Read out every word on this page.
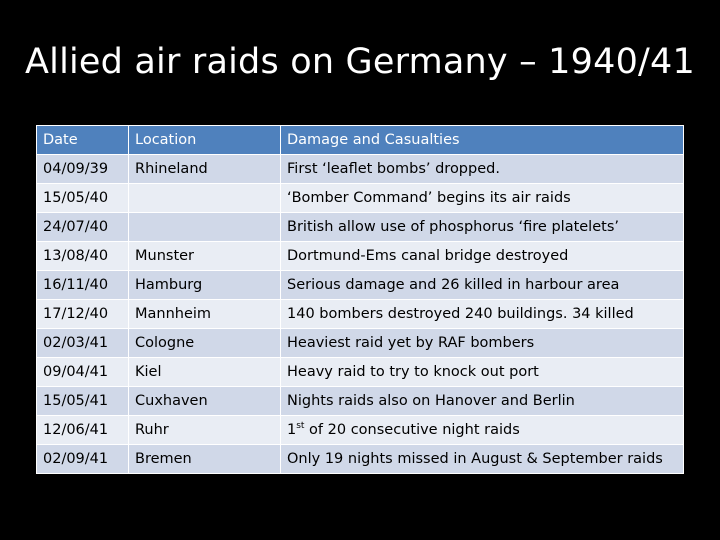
Allied air raids on Germany – 1940/41
Date	Location	Damage and Casualties
04/09/39	Rhineland	First ‘leaflet bombs’ dropped.
15/05/40		‘Bomber Command’ begins its air raids
24/07/40		British allow use of phosphorus ‘fire platelets’
13/08/40	Munster	Dortmund-Ems canal bridge destroyed
16/11/40	Hamburg	Serious damage and 26 killed in harbour area
17/12/40	Mannheim	140 bombers destroyed 240 buildings. 34 killed
02/03/41	Cologne	Heaviest raid yet by RAF bombers
09/04/41	Kiel	Heavy raid to try to knock out port
15/05/41	Cuxhaven	Nights raids also on Hanover and Berlin
12/06/41	Ruhr	1st of 20 consecutive night raids
02/09/41	Bremen	Only 19 nights missed in August & September raids
